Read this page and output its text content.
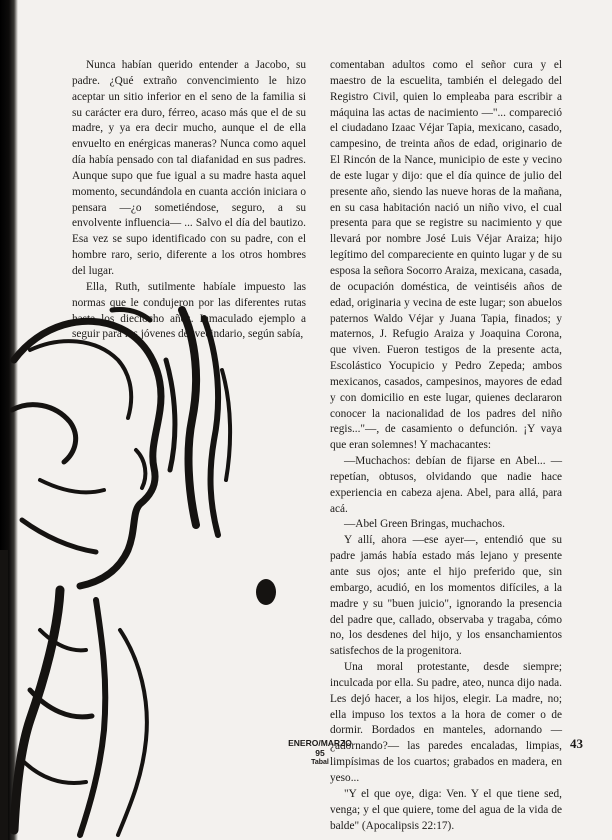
Nunca habían querido entender a Jacobo, su padre. ¿Qué extraño convencimiento le hizo aceptar un sitio inferior en el seno de la familia si su carácter era duro, férreo, acaso más que el de su madre, y ya era decir mucho, aunque el de ella envuelto en enérgicas maneras? Nunca como aquel día había pensado con tal diafanidad en sus padres. Aunque supo que fue igual a su madre hasta aquel momento, secundándola en cuanta acción iniciara o pensara —¿o sometiéndose, seguro, a su envolvente influencia— ... Salvo el día del bautizo. Esa vez se supo identificado con su padre, con el hombre raro, serio, diferente a los otros hombres del lugar.

Ella, Ruth, sutilmente habíale impuesto las normas que le condujeron por las diferentes rutas hasta los dieciocho años. Inmaculado ejemplo a seguir para los jóvenes del vecindario, según sabía,

comentaban adultos como el señor cura y el maestro de la escuelita, también el delegado del Registro Civil, quien lo empleaba para escribir a máquina las actas de nacimiento —"... compareció el ciudadano Izaac Véjar Tapia, mexicano, casado, campesino, de treinta años de edad, originario de El Rincón de la Nance, municipio de este y vecino de este lugar y dijo: que el día quince de julio del presente año, siendo las nueve horas de la mañana, en su casa habitación nació un niño vivo, el cual presenta para que se registre su nacimiento y que llevará por nombre José Luis Véjar Araiza; hijo legítimo del compareciente en quinto lugar y de su esposa la señora Socorro Araiza, mexicana, casada, de ocupación doméstica, de veintiséis años de edad, originaria y vecina de este lugar; son abuelos paternos Waldo Véjar y Juana Tapia, finados; y maternos, J. Refugio Araiza y Joaquina Corona, que viven. Fueron testigos de la presente acta, Escolástico Yocupicio y Pedro Zepeda; ambos mexicanos, casados, campesinos, mayores de edad y con domicilio en este lugar, quienes declararon conocer la nacionalidad de los padres del niño regis..."—, de casamiento o defunción. ¡Y vaya que eran solemnes! Y machacantes:

—Muchachos: debían de fijarse en Abel... —repetían, obtusos, olvidando que nadie hace experiencia en cabeza ajena. Abel, para allá, para acá.

—Abel Green Bringas, muchachos.

Y allí, ahora —ese ayer—, entendió que su padre jamás había estado más lejano y presente ante sus ojos; ante el hijo preferido que, sin embargo, acudió, en los momentos difíciles, a la madre y su "buen juicio", ignorando la presencia del padre que, callado, observaba y tragaba, cómo no, los desdenes del hijo, y los ensanchamientos satisfechos de la progenitora.

Una moral protestante, desde siempre; inculcada por ella. Su padre, ateo, nunca dijo nada. Les dejó hacer, a los hijos, elegir. La madre, no; ella impuso los textos a la hora de comer o de dormir. Bordados en manteles, adornando —¿adornando?— las paredes encaladas, limpias, limpísimas de los cuartos; grabados en madera, en yeso...

"Y el que oye, diga: Ven. Y el que tiene sed, venga; y el que quiere, tome del agua de la vida de balde" (Apocalipsis 22:17).

ENERO/MARZO 95
Tabal
43
